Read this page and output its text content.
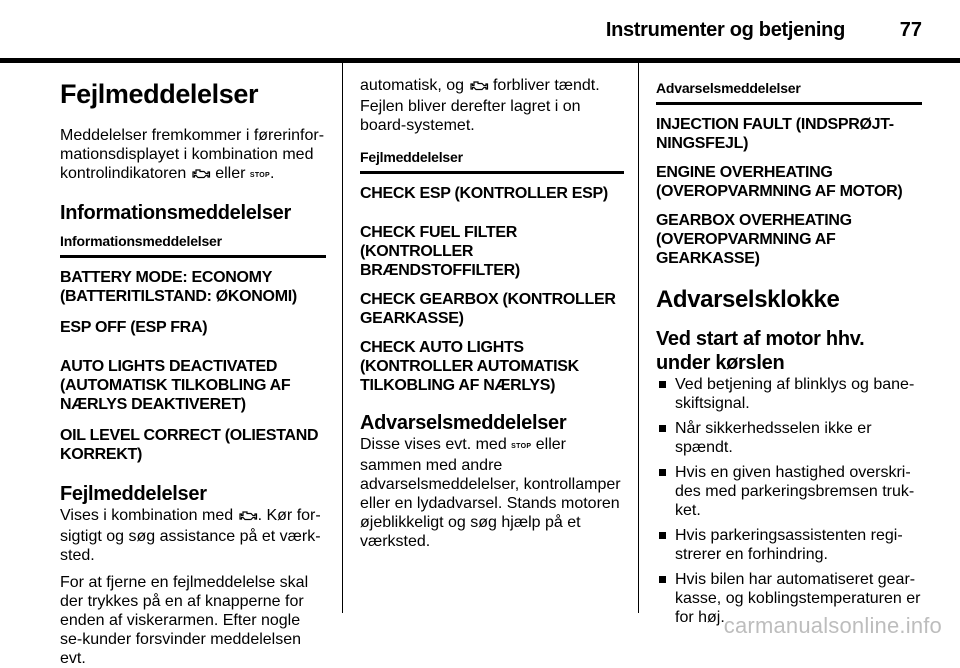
Instrumenter og betjening	77
Fejlmeddelelser

Meddelelser fremkommer i førerinfor-mationsdisplayet i kombination med kontrolindikatoren eller STOP.

Informationsmeddelelser
Informationsmeddelelser
BATTERY MODE: ECONOMY (BATTERITILSTAND: ØKONOMI)
ESP OFF (ESP FRA)
AUTO LIGHTS DEACTIVATED (AUTOMATISK TILKOBLING AF NÆRLYS DEAKTIVERET)
OIL LEVEL CORRECT (OLIESTAND KORREKT)
Fejlmeddelelser

Vises i kombination med . Kør for-sigtigt og søg assistance på et værk-sted.

For at fjerne en fejlmeddelelse skal der trykkes på en af knapperne for enden af viskerarmen. Efter nogle se-kunder forsvinder meddelelsen evt.

automatisk, og forbliver tændt. Fejlen bliver derefter lagret i on board-systemet.

Fejlmeddelelser
CHECK ESP (KONTROLLER ESP)
CHECK FUEL FILTER (KONTROLLER BRÆNDSTOFFILTER)
CHECK GEARBOX (KONTROLLER GEARKASSE)
CHECK AUTO LIGHTS (KONTROLLER AUTOMATISK TILKOBLING AF NÆRLYS)
Advarselsmeddelelser

Disse vises evt. med STOP eller sammen med andre advarselsmeddelelser, kontrollamper eller en lydadvarsel. Stands motoren øjeblikkeligt og søg hjælp på et værksted.

Advarselsmeddelelser
INJECTION FAULT (INDSPRØJT-NINGSFEJL)
ENGINE OVERHEATING (OVEROPVARMNING AF MOTOR)
GEARBOX OVERHEATING (OVEROPVARMNING AF GEARKASSE)
Advarselsklokke
Ved start af motor hhv. under kørslen
Ved betjening af blinklys og bane-skiftsignal.
Når sikkerhedsselen ikke er spændt.
Hvis en given hastighed overskri-des med parkeringsbremsen truk-ket.
Hvis parkeringsassistenten regi-strerer en forhindring.
Hvis bilen har automatiseret gear-kasse, og koblingstemperaturen er for høj.
carmanualsonline.info
